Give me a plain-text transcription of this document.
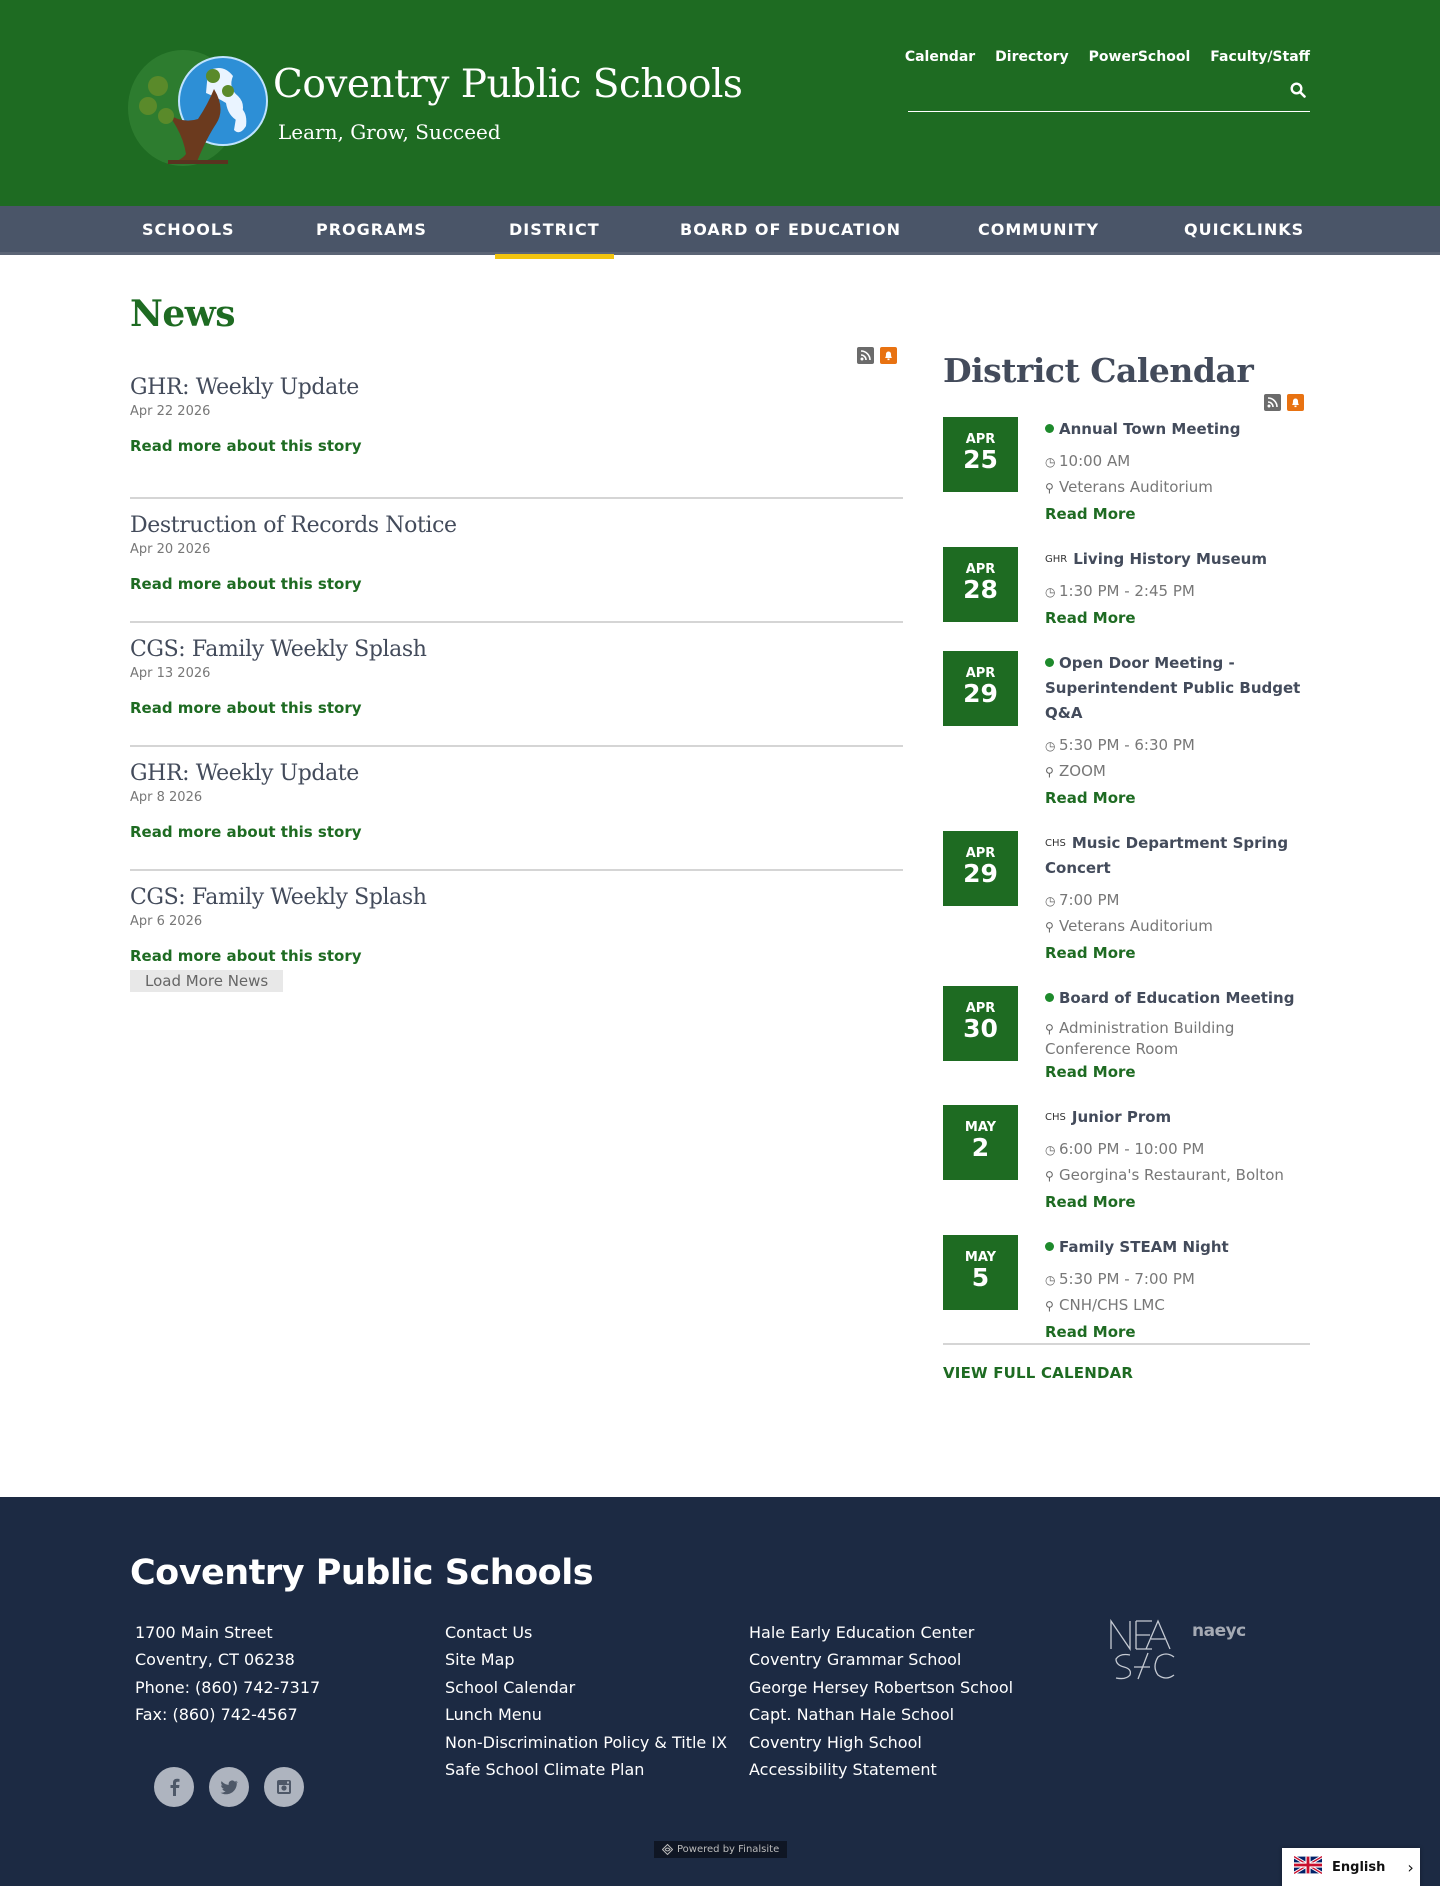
Coventry Public Schools
Learn, Grow, Succeed
Calendar Directory PowerSchool Faculty/Staff
SCHOOLS	PROGRAMS	DISTRICT	BOARD OF EDUCATION	COMMUNITY	QUICKLINKS
News
GHR: Weekly Update
Apr 22 2026
Read more about this story
Destruction of Records Notice
Apr 20 2026
Read more about this story
CGS: Family Weekly Splash
Apr 13 2026
Read more about this story
GHR: Weekly Update
Apr 8 2026
Read more about this story
CGS: Family Weekly Splash
Apr 6 2026
Read more about this story
Load More News
District Calendar
APR
25
Annual Town Meeting
◷ 10:00 AM
⚲ Veterans Auditorium
Read More
APR
28
GHR Living History Museum
◷ 1:30 PM - 2:45 PM
Read More
APR
29
Open Door Meeting - Superintendent Public Budget Q&A
◷ 5:30 PM - 6:30 PM
⚲ ZOOM
Read More
APR
29
CHS Music Department Spring Concert
◷ 7:00 PM
⚲ Veterans Auditorium
Read More
APR
30
Board of Education Meeting
⚲ Administration Building Conference Room
Read More
MAY
2
CHS Junior Prom
◷ 6:00 PM - 10:00 PM
⚲ Georgina's Restaurant, Bolton
Read More
MAY
5
Family STEAM Night
◷ 5:30 PM - 7:00 PM
⚲ CNH/CHS LMC
Read More
VIEW FULL CALENDAR
Coventry Public Schools
1700 Main Street
Coventry, CT 06238
Phone: (860) 742-7317
Fax: (860) 742-4567
Contact Us
Site Map
School Calendar
Lunch Menu
Non-Discrimination Policy & Title IX
Safe School Climate Plan
Hale Early Education Center
Coventry Grammar School
George Hersey Robertson School
Capt. Nathan Hale School
Coventry High School
Accessibility Statement
naeyc
Powered by Finalsite
English ›
